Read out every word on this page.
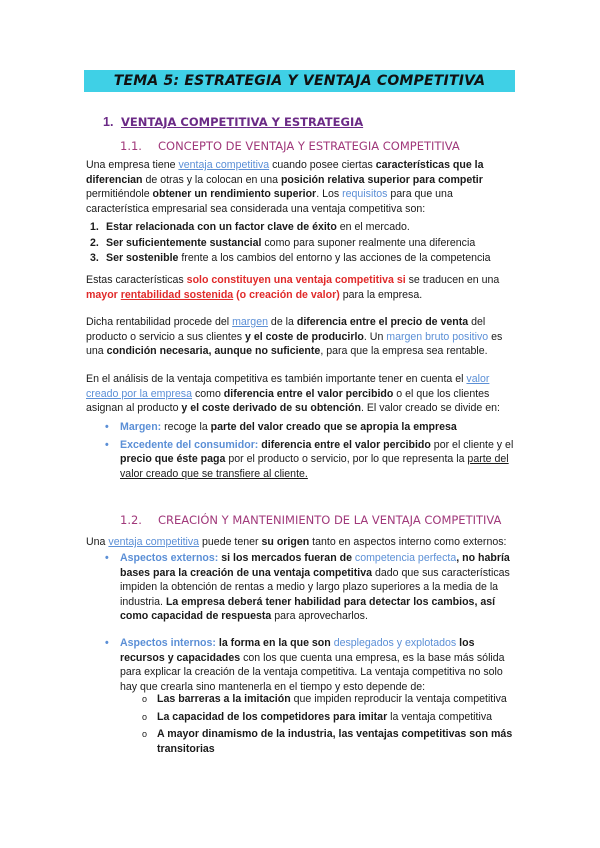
TEMA 5: ESTRATEGIA Y VENTAJA COMPETITIVA
1. VENTAJA COMPETITIVA Y ESTRATEGIA
1.1. CONCEPTO DE VENTAJA Y ESTRATEGIA COMPETITIVA

Una empresa tiene ventaja competitiva cuando posee ciertas características que la diferencian de otras y la colocan en una posición relativa superior para competir permitiéndole obtener un rendimiento superior. Los requisitos para que una característica empresarial sea considerada una ventaja competitiva son:

1. Estar relacionada con un factor clave de éxito en el mercado.
2. Ser suficientemente sustancial como para suponer realmente una diferencia
3. Ser sostenible frente a los cambios del entorno y las acciones de la competencia

Estas características solo constituyen una ventaja competitiva si se traducen en una mayor rentabilidad sostenida (o creación de valor) para la empresa.

Dicha rentabilidad procede del margen de la diferencia entre el precio de venta del producto o servicio a sus clientes y el coste de producirlo. Un margen bruto positivo es una condición necesaria, aunque no suficiente, para que la empresa sea rentable.

En el análisis de la ventaja competitiva es también importante tener en cuenta el valor creado por la empresa como diferencia entre el valor percibido o el que los clientes asignan al producto y el coste derivado de su obtención. El valor creado se divide en:

• Margen: recoge la parte del valor creado que se apropia la empresa
• Excedente del consumidor: diferencia entre el valor percibido por el cliente y el precio que éste paga por el producto o servicio, por lo que representa la parte del valor creado que se transfiere al cliente.
1.2. CREACIÓN Y MANTENIMIENTO DE LA VENTAJA COMPETITIVA

Una ventaja competitiva puede tener su origen tanto en aspectos interno como externos:

• Aspectos externos: si los mercados fueran de competencia perfecta, no habría bases para la creación de una ventaja competitiva dado que sus características impiden la obtención de rentas a medio y largo plazo superiores a la media de la industria. La empresa deberá tener habilidad para detectar los cambios, así como capacidad de respuesta para aprovecharlos.
• Aspectos internos: la forma en la que son desplegados y explotados los recursos y capacidades con los que cuenta una empresa, es la base más sólida para explicar la creación de la ventaja competitiva. La ventaja competitiva no solo hay que crearla sino mantenerla en el tiempo y esto depende de:
o Las barreras a la imitación que impiden reproducir la ventaja competitiva
o La capacidad de los competidores para imitar la ventaja competitiva
o A mayor dinamismo de la industria, las ventajas competitivas son más transitorias
